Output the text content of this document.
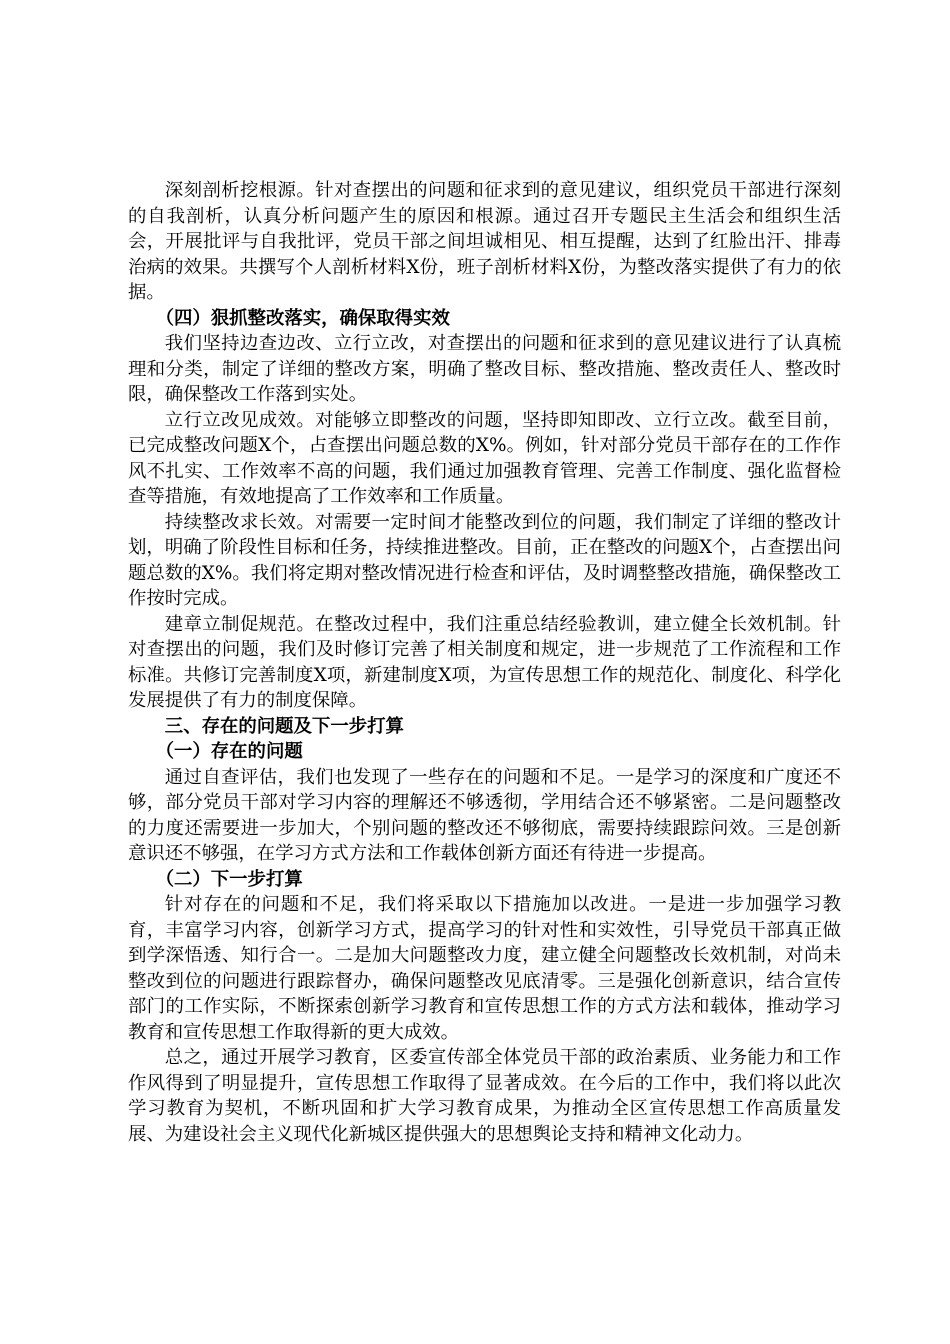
深刻剖析挖根源。针对查摆出的问题和征求到的意见建议，组织党员干部进行深刻的自我剖析，认真分析问题产生的原因和根源。通过召开专题民主生活会和组织生活会，开展批评与自我批评，党员干部之间坦诚相见、相互提醒，达到了红脸出汗、排毒治病的效果。共撰写个人剖析材料X份，班子剖析材料X份，为整改落实提供了有力的依据。

（四）狠抓整改落实，确保取得实效

我们坚持边查边改、立行立改，对查摆出的问题和征求到的意见建议进行了认真梳理和分类，制定了详细的整改方案，明确了整改目标、整改措施、整改责任人、整改时限，确保整改工作落到实处。

立行立改见成效。对能够立即整改的问题，坚持即知即改、立行立改。截至目前，已完成整改问题X个，占查摆出问题总数的X%。例如，针对部分党员干部存在的工作作风不扎实、工作效率不高的问题，我们通过加强教育管理、完善工作制度、强化监督检查等措施，有效地提高了工作效率和工作质量。

持续整改求长效。对需要一定时间才能整改到位的问题，我们制定了详细的整改计划，明确了阶段性目标和任务，持续推进整改。目前，正在整改的问题X个，占查摆出问题总数的X%。我们将定期对整改情况进行检查和评估，及时调整整改措施，确保整改工作按时完成。

建章立制促规范。在整改过程中，我们注重总结经验教训，建立健全长效机制。针对查摆出的问题，我们及时修订完善了相关制度和规定，进一步规范了工作流程和工作标准。共修订完善制度X项，新建制度X项，为宣传思想工作的规范化、制度化、科学化发展提供了有力的制度保障。

三、存在的问题及下一步打算

（一）存在的问题

通过自查评估，我们也发现了一些存在的问题和不足。一是学习的深度和广度还不够，部分党员干部对学习内容的理解还不够透彻，学用结合还不够紧密。二是问题整改的力度还需要进一步加大，个别问题的整改还不够彻底，需要持续跟踪问效。三是创新意识还不够强，在学习方式方法和工作载体创新方面还有待进一步提高。

（二）下一步打算

针对存在的问题和不足，我们将采取以下措施加以改进。一是进一步加强学习教育，丰富学习内容，创新学习方式，提高学习的针对性和实效性，引导党员干部真正做到学深悟透、知行合一。二是加大问题整改力度，建立健全问题整改长效机制，对尚未整改到位的问题进行跟踪督办，确保问题整改见底清零。三是强化创新意识，结合宣传部门的工作实际，不断探索创新学习教育和宣传思想工作的方式方法和载体，推动学习教育和宣传思想工作取得新的更大成效。

总之，通过开展学习教育，区委宣传部全体党员干部的政治素质、业务能力和工作作风得到了明显提升，宣传思想工作取得了显著成效。在今后的工作中，我们将以此次学习教育为契机，不断巩固和扩大学习教育成果，为推动全区宣传思想工作高质量发展、为建设社会主义现代化新城区提供强大的思想舆论支持和精神文化动力。
